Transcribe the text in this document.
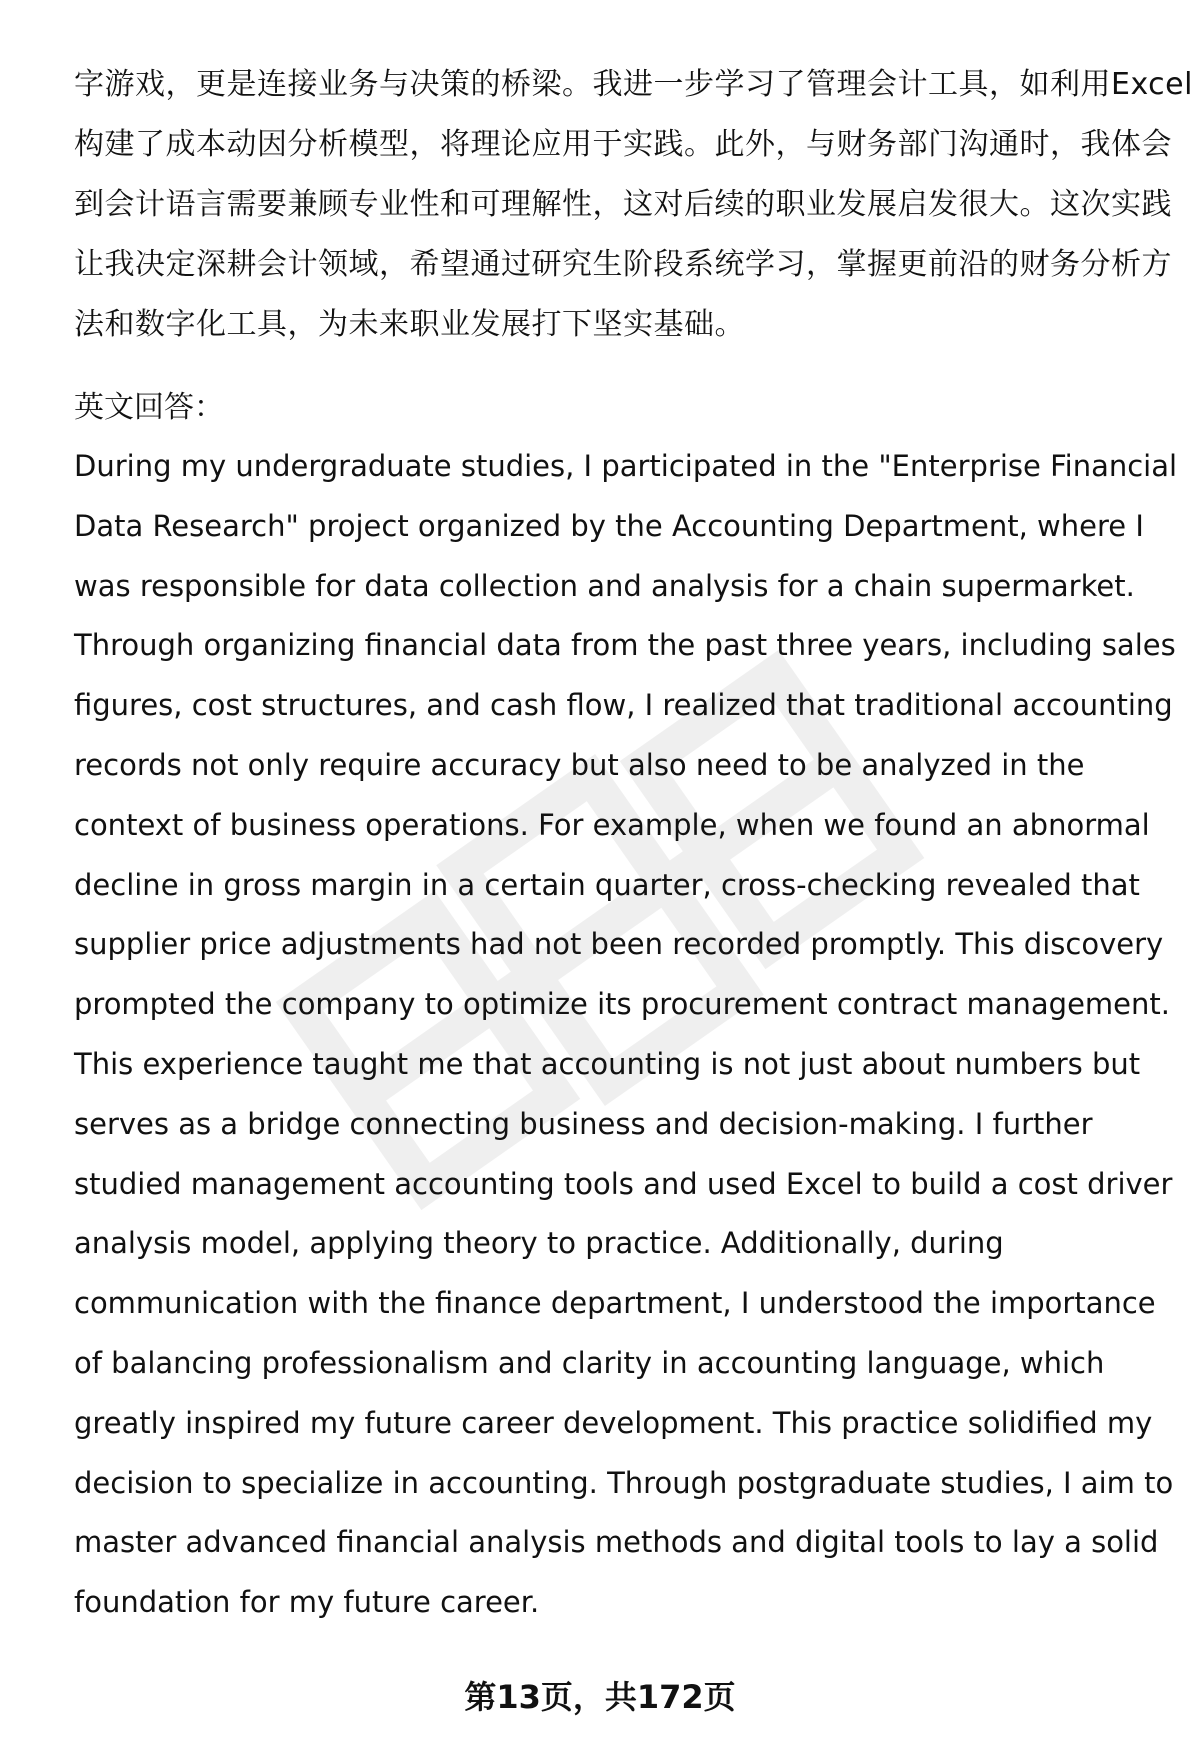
字游戏，更是连接业务与决策的桥梁。我进一步学习了管理会计工具，如利用Excel
构建了成本动因分析模型，将理论应用于实践。此外，与财务部门沟通时，我体会
到会计语言需要兼顾专业性和可理解性，这对后续的职业发展启发很大。这次实践
让我决定深耕会计领域，希望通过研究生阶段系统学习，掌握更前沿的财务分析方
法和数字化工具，为未来职业发展打下坚实基础。
英文回答：
During my undergraduate studies, I participated in the "Enterprise Financial
Data Research" project organized by the Accounting Department, where I
was responsible for data collection and analysis for a chain supermarket.
Through organizing financial data from the past three years, including sales
figures, cost structures, and cash flow, I realized that traditional accounting
records not only require accuracy but also need to be analyzed in the
context of business operations. For example, when we found an abnormal
decline in gross margin in a certain quarter, cross-checking revealed that
supplier price adjustments had not been recorded promptly. This discovery
prompted the company to optimize its procurement contract management.
This experience taught me that accounting is not just about numbers but
serves as a bridge connecting business and decision-making. I further
studied management accounting tools and used Excel to build a cost driver
analysis model, applying theory to practice. Additionally, during
communication with the finance department, I understood the importance
of balancing professionalism and clarity in accounting language, which
greatly inspired my future career development. This practice solidified my
decision to specialize in accounting. Through postgraduate studies, I aim to
master advanced financial analysis methods and digital tools to lay a solid
foundation for my future career.
第13页，共172页
